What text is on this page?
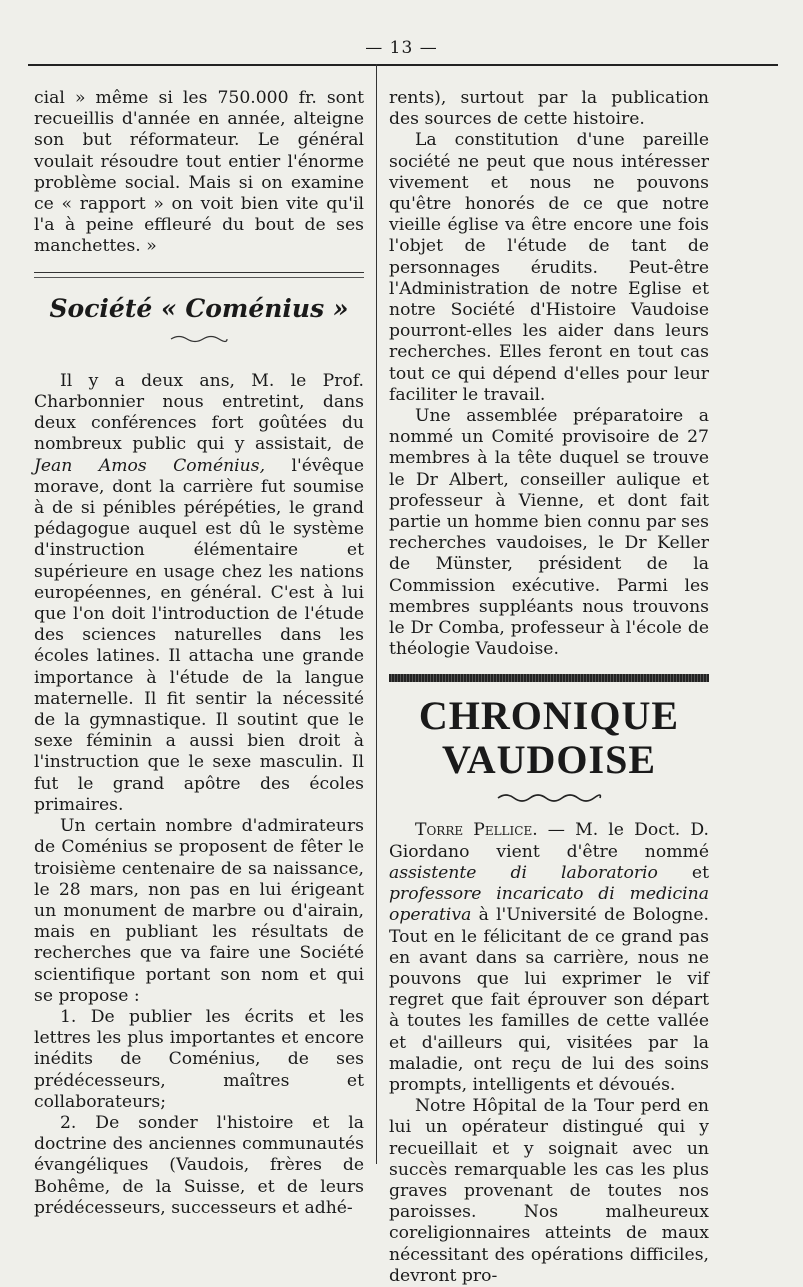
— 13 —

cial » même si les 750.000 fr. sont recueillis d'année en année, alteigne son but réformateur. Le général voulait résoudre tout entier l'énorme problème social. Mais si on examine ce « rapport » on voit bien vite qu'il l'a à peine effleuré du bout de ses manchettes. »

Société « Coménius »

Il y a deux ans, M. le Prof. Charbonnier nous entretint, dans deux conférences fort goûtées du nombreux public qui y assistait, de Jean Amos Coménius, l'évêque morave, dont la carrière fut soumise à de si pénibles pérépéties, le grand pédagogue auquel est dû le système d'instruction élémentaire et supérieure en usage chez les nations européennes, en général. C'est à lui que l'on doit l'introduction de l'étude des sciences naturelles dans les écoles latines. Il attacha une grande importance à l'étude de la langue maternelle. Il fit sentir la nécessité de la gymnastique. Il soutint que le sexe féminin a aussi bien droit à l'instruction que le sexe masculin. Il fut le grand apôtre des écoles primaires.

Un certain nombre d'admirateurs de Coménius se proposent de fêter le troisième centenaire de sa naissance, le 28 mars, non pas en lui érigeant un monument de marbre ou d'airain, mais en publiant les résultats de recherches que va faire une Société scientifique portant son nom et qui se propose :

1. De publier les écrits et les lettres les plus importantes et encore inédits de Coménius, de ses prédécesseurs, maîtres et collaborateurs;

2. De sonder l'histoire et la doctrine des anciennes communautés évangéliques (Vaudois, frères de Bohême, de la Suisse, et de leurs prédécesseurs, successeurs et adhé-

rents), surtout par la publication des sources de cette histoire.

La constitution d'une pareille société ne peut que nous intéresser vivement et nous ne pouvons qu'être honorés de ce que notre vieille église va être encore une fois l'objet de l'étude de tant de personnages érudits. Peut-être l'Administration de notre Eglise et notre Société d'Histoire Vaudoise pourront-elles les aider dans leurs recherches. Elles feront en tout cas tout ce qui dépend d'elles pour leur faciliter le travail.

Une assemblée préparatoire a nommé un Comité provisoire de 27 membres à la tête duquel se trouve le Dr Albert, conseiller aulique et professeur à Vienne, et dont fait partie un homme bien connu par ses recherches vaudoises, le Dr Keller de Münster, président de la Commission exécutive. Parmi les membres suppléants nous trouvons le Dr Comba, professeur à l'école de théologie Vaudoise.

CHRONIQUE VAUDOISE

Torre Pellice. — M. le Doct. D. Giordano vient d'être nommé assistente di laboratorio et professore incaricato di medicina operativa à l'Université de Bologne. Tout en le félicitant de ce grand pas en avant dans sa carrière, nous ne pouvons que lui exprimer le vif regret que fait éprouver son départ à toutes les familles de cette vallée et d'ailleurs qui, visitées par la maladie, ont reçu de lui des soins prompts, intelligents et dévoués.

Notre Hôpital de la Tour perd en lui un opérateur distingué qui y recueillait et y soignait avec un succès remarquable les cas les plus graves provenant de toutes nos paroisses. Nos malheureux coreligionnaires atteints de maux nécessitant des opérations difficiles, devront pro-
